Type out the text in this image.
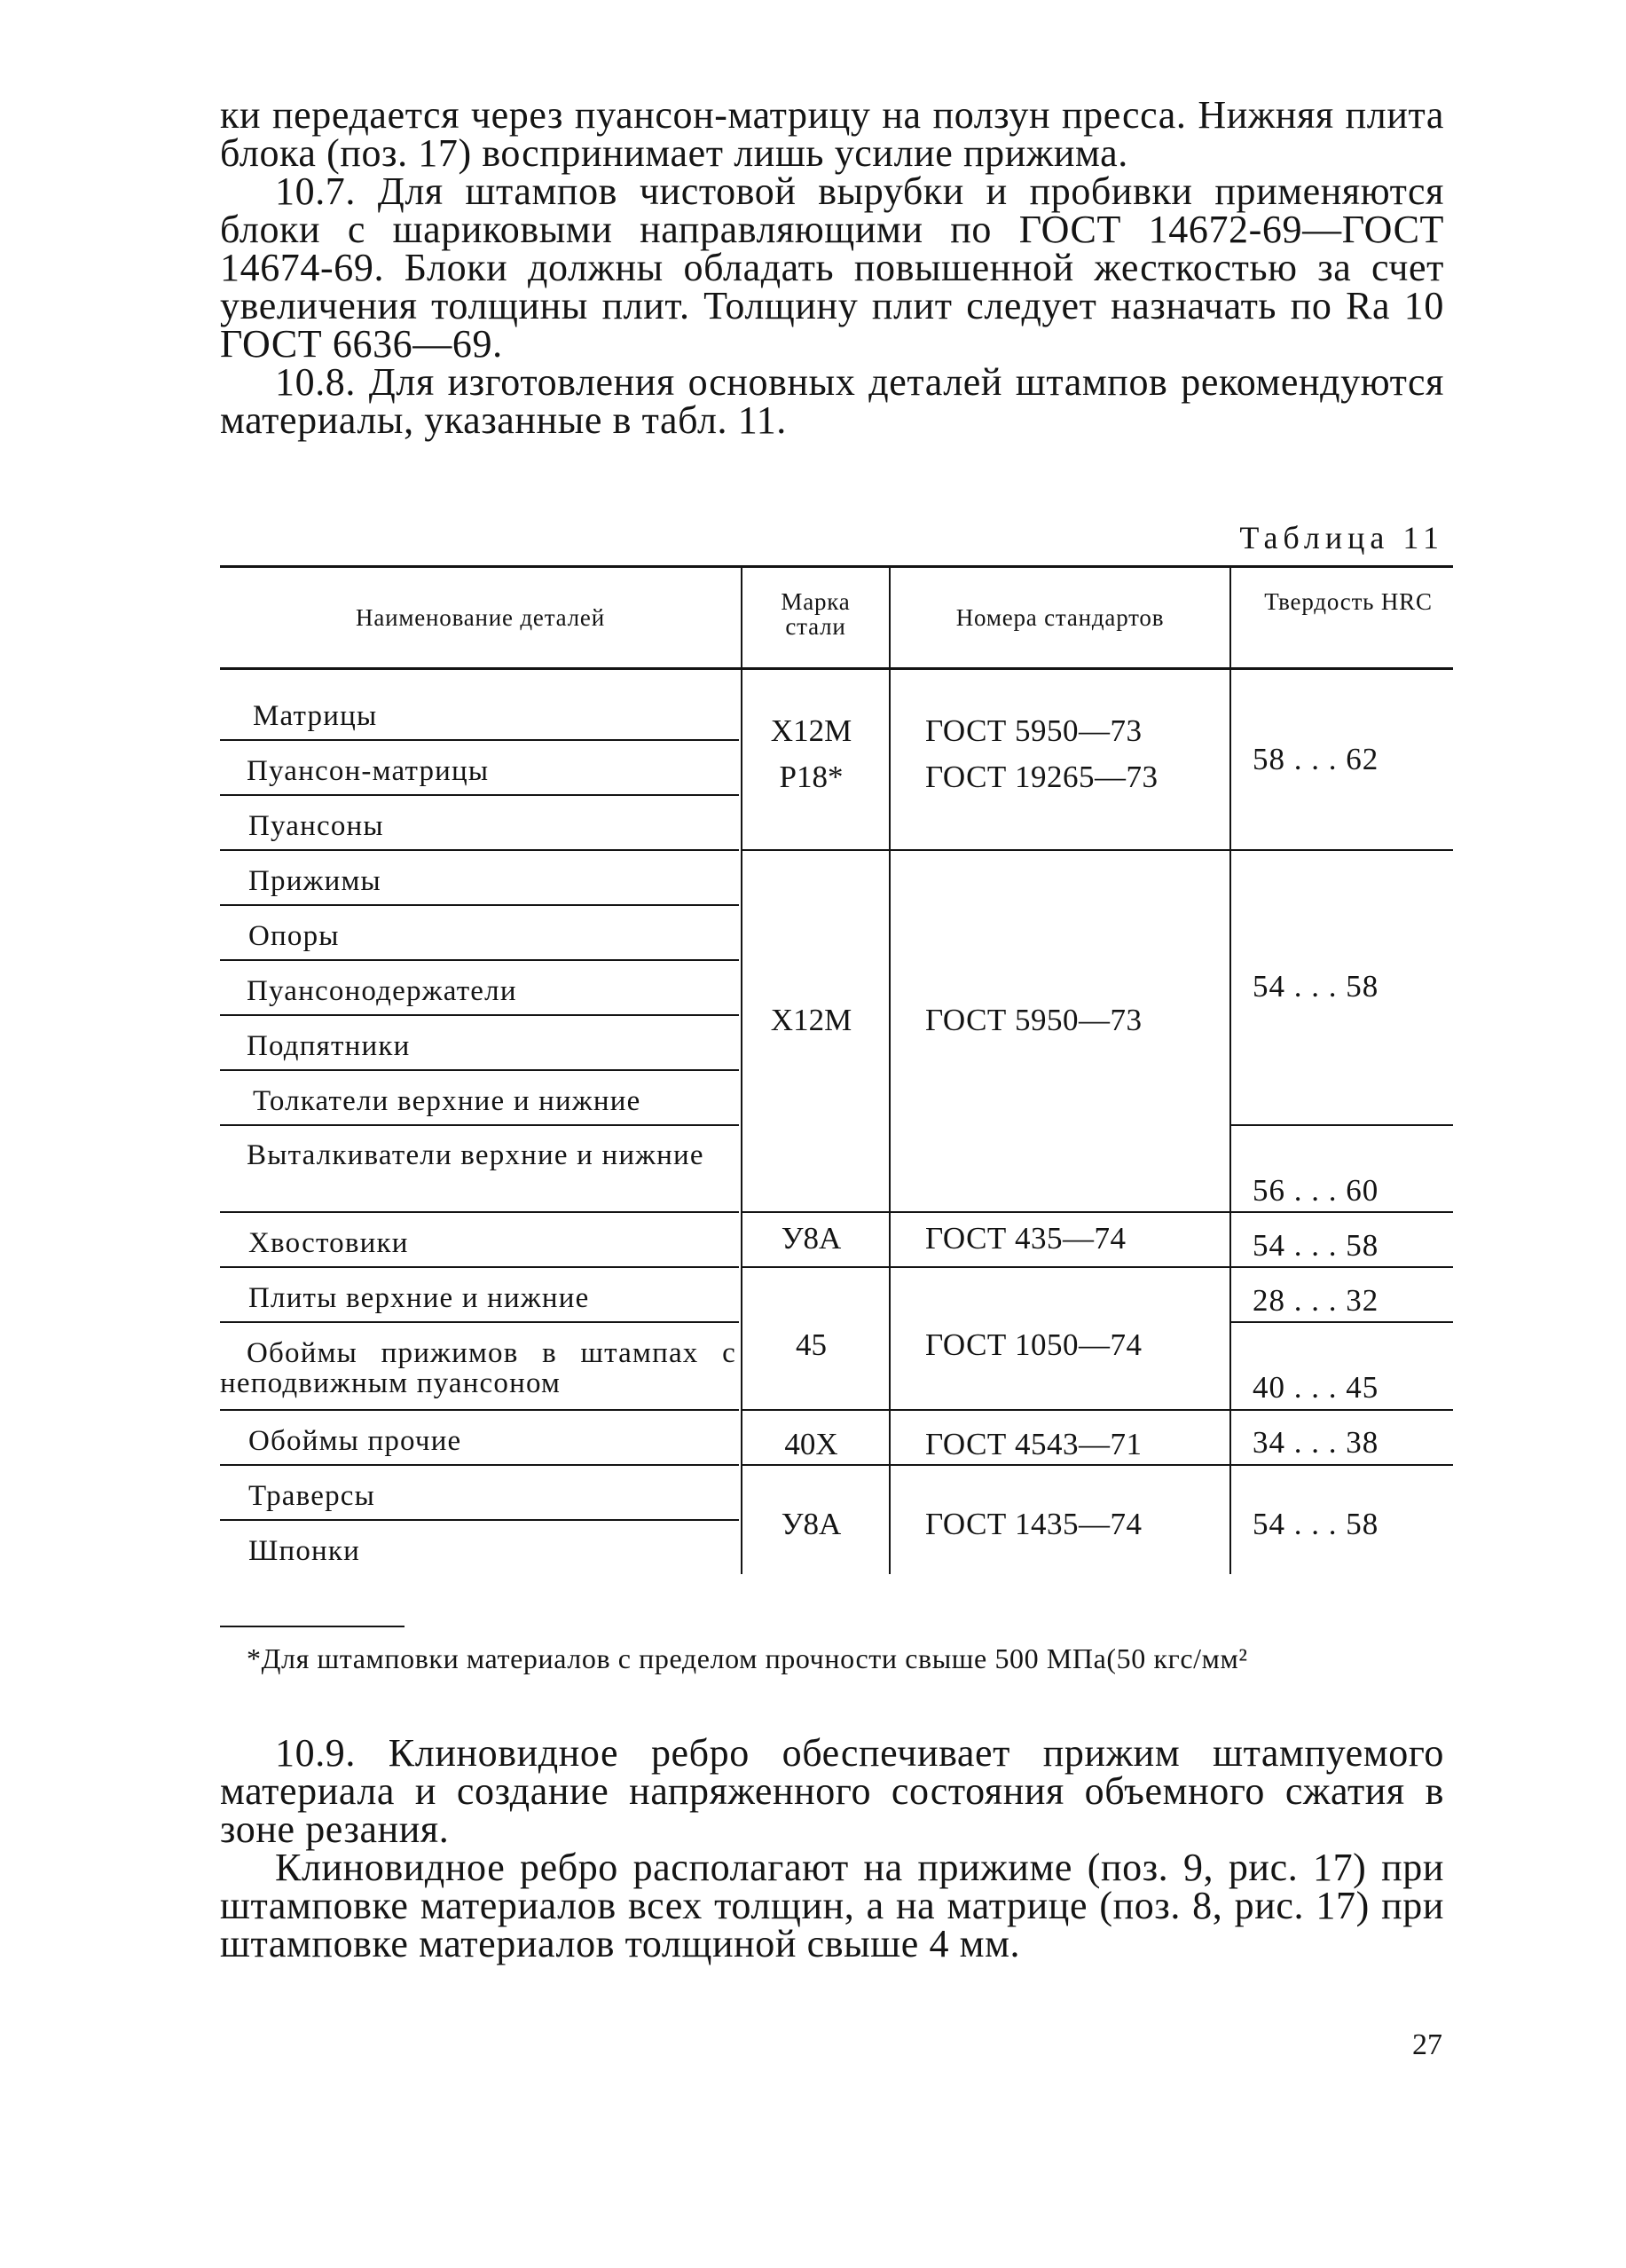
ки передается через пуансон-матрицу на ползун пресса. Нижняя плита блока (поз. 17) воспринимает лишь усилие прижима.

10.7. Для штампов чистовой вырубки и пробивки применяются блоки с шариковыми направляющими по ГОСТ 14672-69—ГОСТ 14674-69. Блоки должны обладать повышенной жесткостью за счет увеличения толщины плит. Толщину плит следует назначать по Ra 10 ГОСТ 6636—69.

10.8. Для изготовления основных деталей штампов рекомендуются материалы, указанные в табл. 11.

Таблица 11
Наименование деталей
Марка стали	Номера стандартов
Твердость HRC
Матрицы
Пуансон-матрицы
Пуансоны
Прижимы
Опоры
Пуансонодержатели
Подпятники
Толкатели верхние и нижние
Выталкиватели верхние и нижние
Хвостовики
Плиты верхние и нижние
Обоймы прижимов в штампах с неподвижным пуансоном
Обоймы прочие
Траверсы
Шпонки
Х12М
Р18*
Х12М
У8А
45
40Х
У8А
ГОСТ 5950—73
ГОСТ 19265—73
ГОСТ 5950—73
ГОСТ 435—74
ГОСТ 1050—74
ГОСТ 4543—71
ГОСТ 1435—74
58 . . . 62
54 . . . 58
56 . . . 60
54 . . . 58
28 . . . 32
40 . . . 45
34 . . . 38
54 . . . 58
*Для штамповки материалов с пределом прочности свыше 500 МПа(50 кгс/мм²

10.9. Клиновидное ребро обеспечивает прижим штампуемого материала и создание напряженного состояния объемного сжатия в зоне резания.

Клиновидное ребро располагают на прижиме (поз. 9, рис. 17) при штамповке материалов всех толщин, а на матрице (поз. 8, рис. 17) при штамповке материалов толщиной свыше 4 мм.

27
